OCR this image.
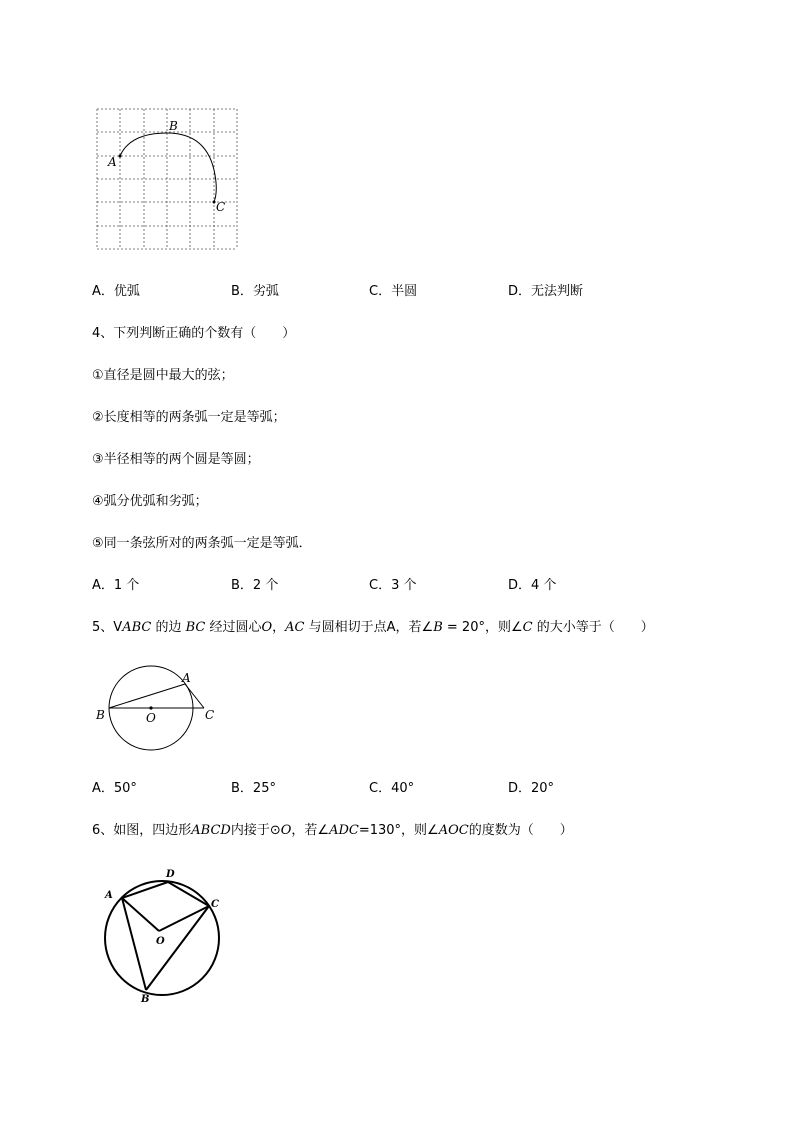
A
B
C
A．优弧	B．劣弧	C．半圆	D．无法判断
4、下列判断正确的个数有（　　）
①直径是圆中最大的弦；
②长度相等的两条弧一定是等弧；
③半径相等的两个圆是等圆；
④弧分优弧和劣弧；
⑤同一条弦所对的两条弧一定是等弧．
A．1 个	B．2 个	C．3 个	D．4 个
5、VABC 的边 BC 经过圆心O，AC 与圆相切于点A，若∠B = 20°，则∠C 的大小等于（　　）
A
B	C
O
A．50°	B．25°	C．40°	D．20°
6、如图，四边形ABCD内接于⊙O，若∠ADC=130°，则∠AOC的度数为（　　）
A
D
C
O
B
